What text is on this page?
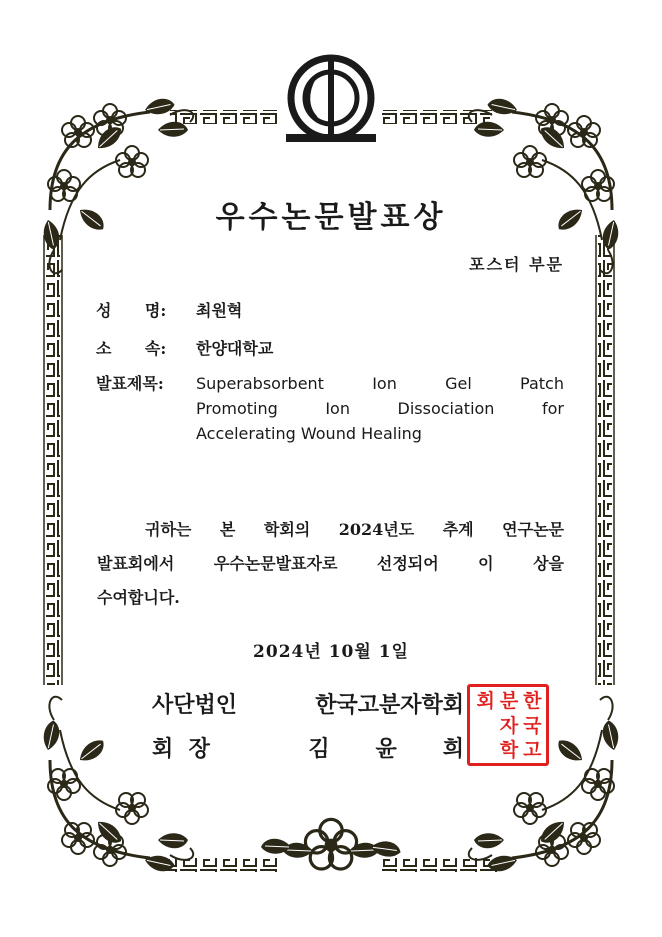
우수논문발표상
포스터 부문
성      명: 최원혁
소      속: 한양대학교
발표제목: Superabsorbent Ion Gel Patch
Promoting Ion Dissociation for
Accelerating Wound Healing
귀하는 본 학회의 2024년도 추계 연구논문
발표회에서 우수논문발표자로 선정되어 이 상을
수여합니다.
2024년 10월 1일
사단법인 한국고분자학회
회  장	김      윤      희
회 분 한
자 국
학 고
